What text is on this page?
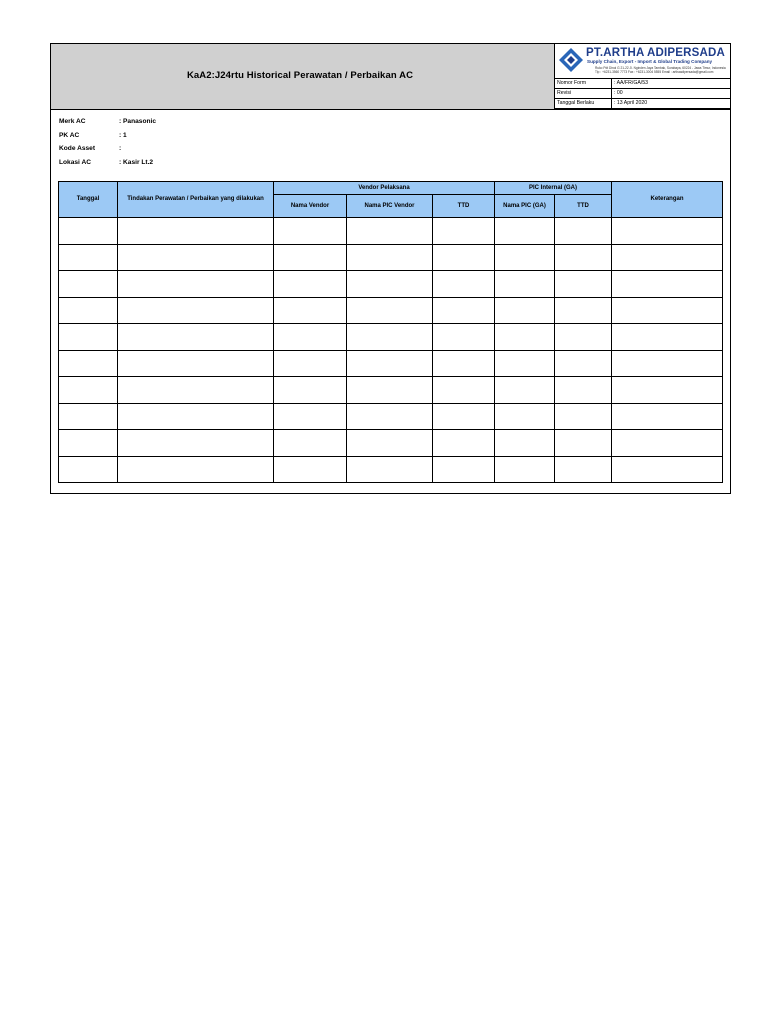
KaA2:J24rtu Historical Perawatan / Perbaikan AC
PT.ARTHA ADIPERSADA
Supply Chain, Export - Import & Global Trading Company
Ruko Pdt Dinoi G 21-22 Jl. Nginden Jaya Tambak, Surabaya, 60224 - Jawa Timur, Indonesia
Tlp : +6231-3560 7773 Fax : +6231-3004 5555 Email : arthaadipersada@gmail.com
Nomor Form	: AA/FR/GA/53
Revisi	: 00
Tanggal Berlaku	: 13 April 2020
Merk AC	: Panasonic
PK AC	: 1
Kode Asset	:
Lokasi AC	: Kasir Lt.2
Tanggal	Tindakan Perawatan / Perbaikan yang dilakukan	Vendor Pelaksana			PIC Internal (GA)		Keterangan
		Nama Vendor	Nama PIC Vendor	TTD	Nama PIC (GA)	TTD	
